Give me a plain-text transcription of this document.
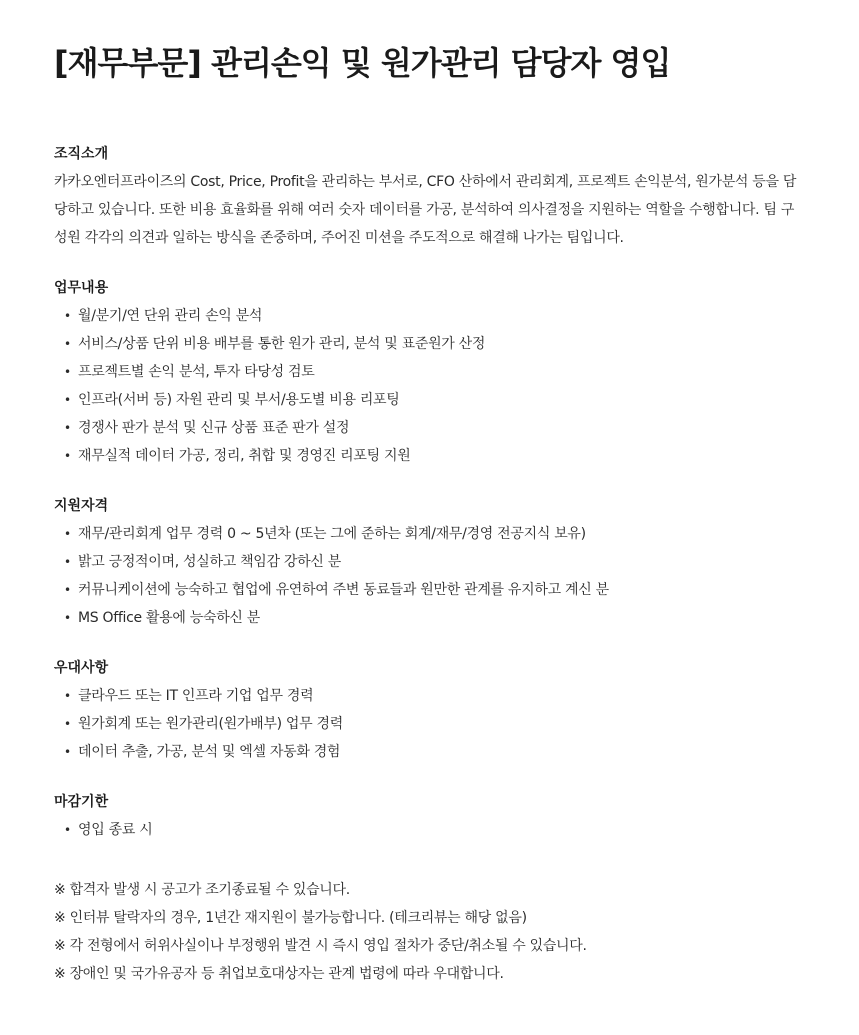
[재무부문] 관리손익 및 원가관리 담당자 영입
조직소개

카카오엔터프라이즈의 Cost, Price, Profit을 관리하는 부서로, CFO 산하에서 관리회계, 프로젝트 손익분석, 원가분석 등을 담당하고 있습니다. 또한 비용 효율화를 위해 여러 숫자 데이터를 가공, 분석하여 의사결정을 지원하는 역할을 수행합니다. 팀 구성원 각각의 의견과 일하는 방식을 존중하며, 주어진 미션을 주도적으로 해결해 나가는 팀입니다.

업무내용
• 월/분기/연 단위 관리 손익 분석
• 서비스/상품 단위 비용 배부를 통한 원가 관리, 분석 및 표준원가 산정
• 프로젝트별 손익 분석, 투자 타당성 검토
• 인프라(서버 등) 자원 관리 및 부서/용도별 비용 리포팅
• 경쟁사 판가 분석 및 신규 상품 표준 판가 설정
• 재무실적 데이터 가공, 정리, 취합 및 경영진 리포팅 지원
지원자격
• 재무/관리회계 업무 경력 0 ~ 5년차 (또는 그에 준하는 회계/재무/경영 전공지식 보유)
• 밝고 긍정적이며, 성실하고 책임감 강하신 분
• 커뮤니케이션에 능숙하고 협업에 유연하여 주변 동료들과 원만한 관계를 유지하고 계신 분
• MS Office 활용에 능숙하신 분
우대사항
• 클라우드 또는 IT 인프라 기업 업무 경력
• 원가회계 또는 원가관리(원가배부) 업무 경력
• 데이터 추출, 가공, 분석 및 엑셀 자동화 경험
마감기한
• 영입 종료 시
※ 합격자 발생 시 공고가 조기종료될 수 있습니다.
※ 인터뷰 탈락자의 경우, 1년간 재지원이 불가능합니다. (테크리뷰는 해당 없음)
※ 각 전형에서 허위사실이나 부정행위 발견 시 즉시 영입 절차가 중단/취소될 수 있습니다.
※ 장애인 및 국가유공자 등 취업보호대상자는 관계 법령에 따라 우대합니다.
